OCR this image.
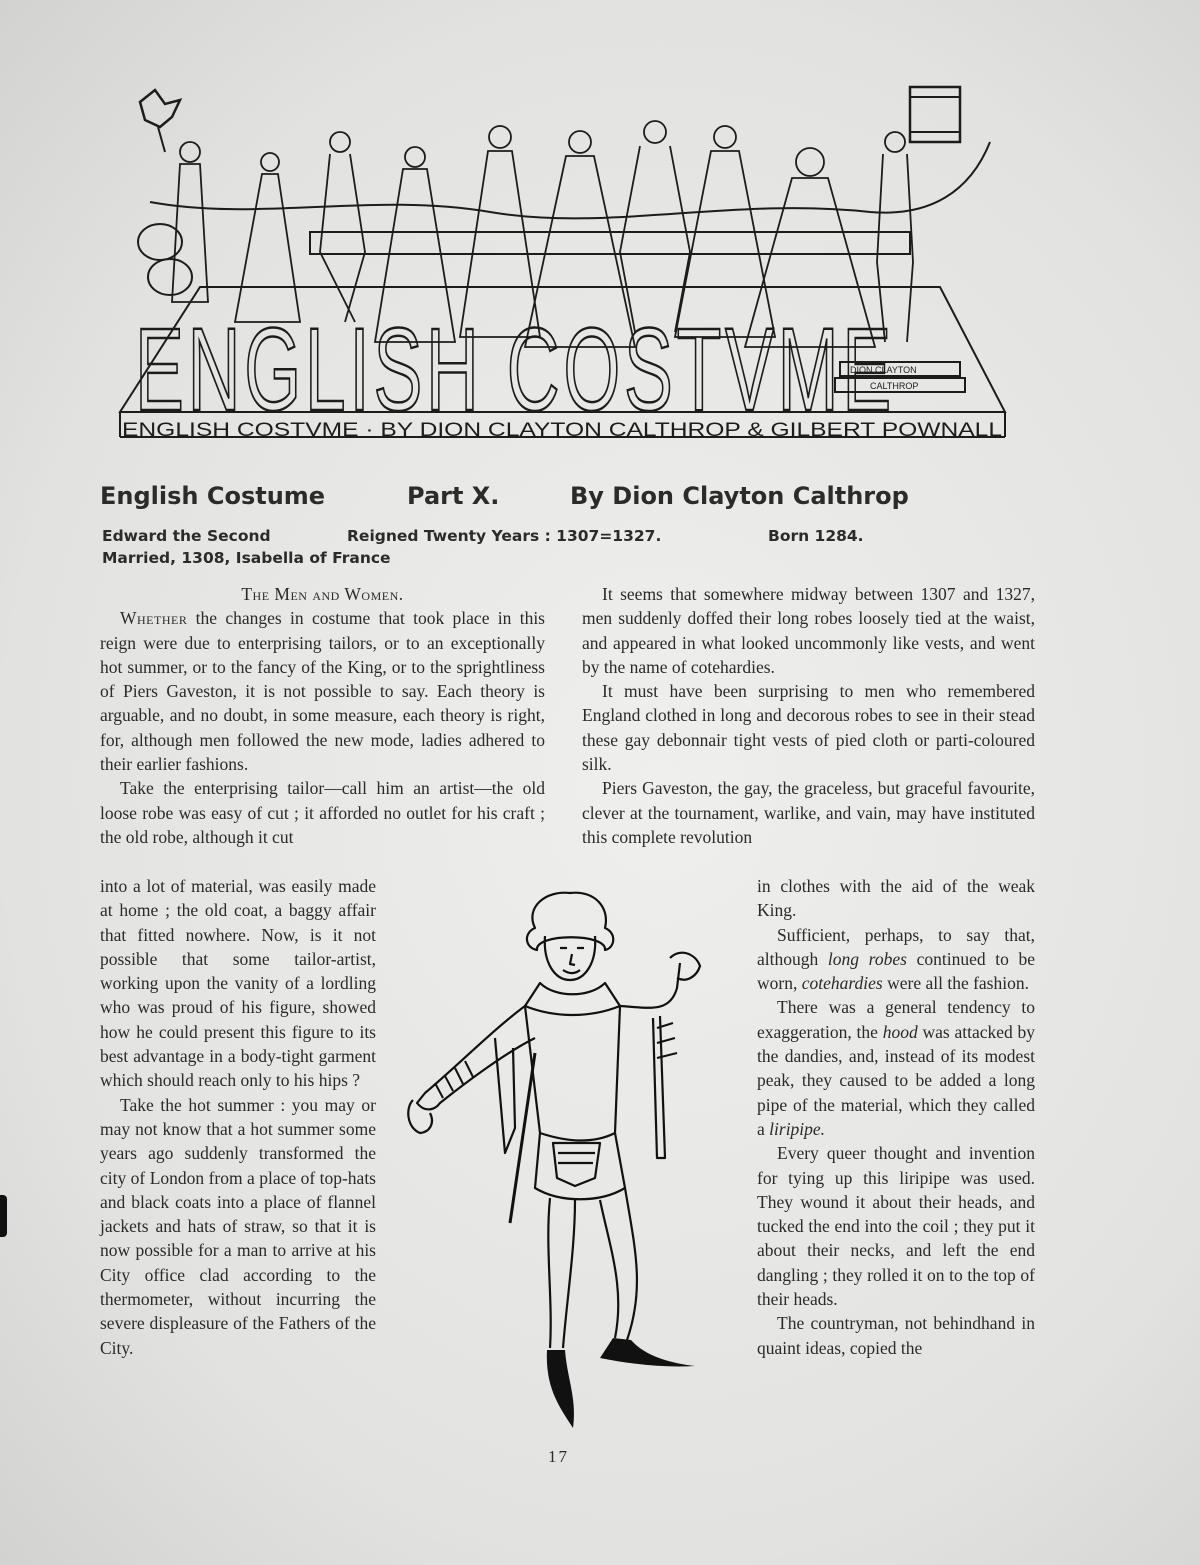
ENGLISH COSTVME
ENGLISH COSTVME · BY DION CLAYTON CALTHROP & GILBERT POWNALL
DION CLAYTON
CALTHROP
English Costume	Part X.	By Dion Clayton Calthrop
Edward the Second	Reigned Twenty Years : 1307=1327.	Born 1284.
Married, 1308, Isabella of France

The Men and Women.

Whether the changes in costume that took place in this reign were due to enterprising tailors, or to an exceptionally hot summer, or to the fancy of the King, or to the sprightliness of Piers Gaveston, it is not possible to say. Each theory is arguable, and no doubt, in some measure, each theory is right, for, although men followed the new mode, ladies adhered to their earlier fashions.

Take the enterprising tailor—call him an artist—the old loose robe was easy of cut ; it afforded no outlet for his craft ; the old robe, although it cut

into a lot of material, was easily made at home ; the old coat, a baggy affair that fitted nowhere. Now, is it not possible that some tailor-artist, working upon the vanity of a lordling who was proud of his figure, showed how he could present this figure to its best advantage in a body-tight garment which should reach only to his hips ?

Take the hot summer : you may or may not know that a hot summer some years ago suddenly transformed the city of London from a place of top-hats and black coats into a place of flannel jackets and hats of straw, so that it is now possible for a man to arrive at his City office clad according to the thermometer, without incurring the severe displeasure of the Fathers of the City.

It seems that somewhere midway between 1307 and 1327, men suddenly doffed their long robes loosely tied at the waist, and appeared in what looked uncommonly like vests, and went by the name of cotehardies.

It must have been surprising to men who remembered England clothed in long and decorous robes to see in their stead these gay debonnair tight vests of pied cloth or parti-coloured silk.

Piers Gaveston, the gay, the graceless, but graceful favourite, clever at the tournament, warlike, and vain, may have instituted this complete revolution

in clothes with the aid of the weak King.

Sufficient, perhaps, to say that, although long robes continued to be worn, cotehardies were all the fashion.

There was a general tendency to exaggeration, the hood was attacked by the dandies, and, instead of its modest peak, they caused to be added a long pipe of the material, which they called a liripipe.

Every queer thought and invention for tying up this liripipe was used. They wound it about their heads, and tucked the end into the coil ; they put it about their necks, and left the end dangling ; they rolled it on to the top of their heads.

The countryman, not behindhand in quaint ideas, copied the

17
